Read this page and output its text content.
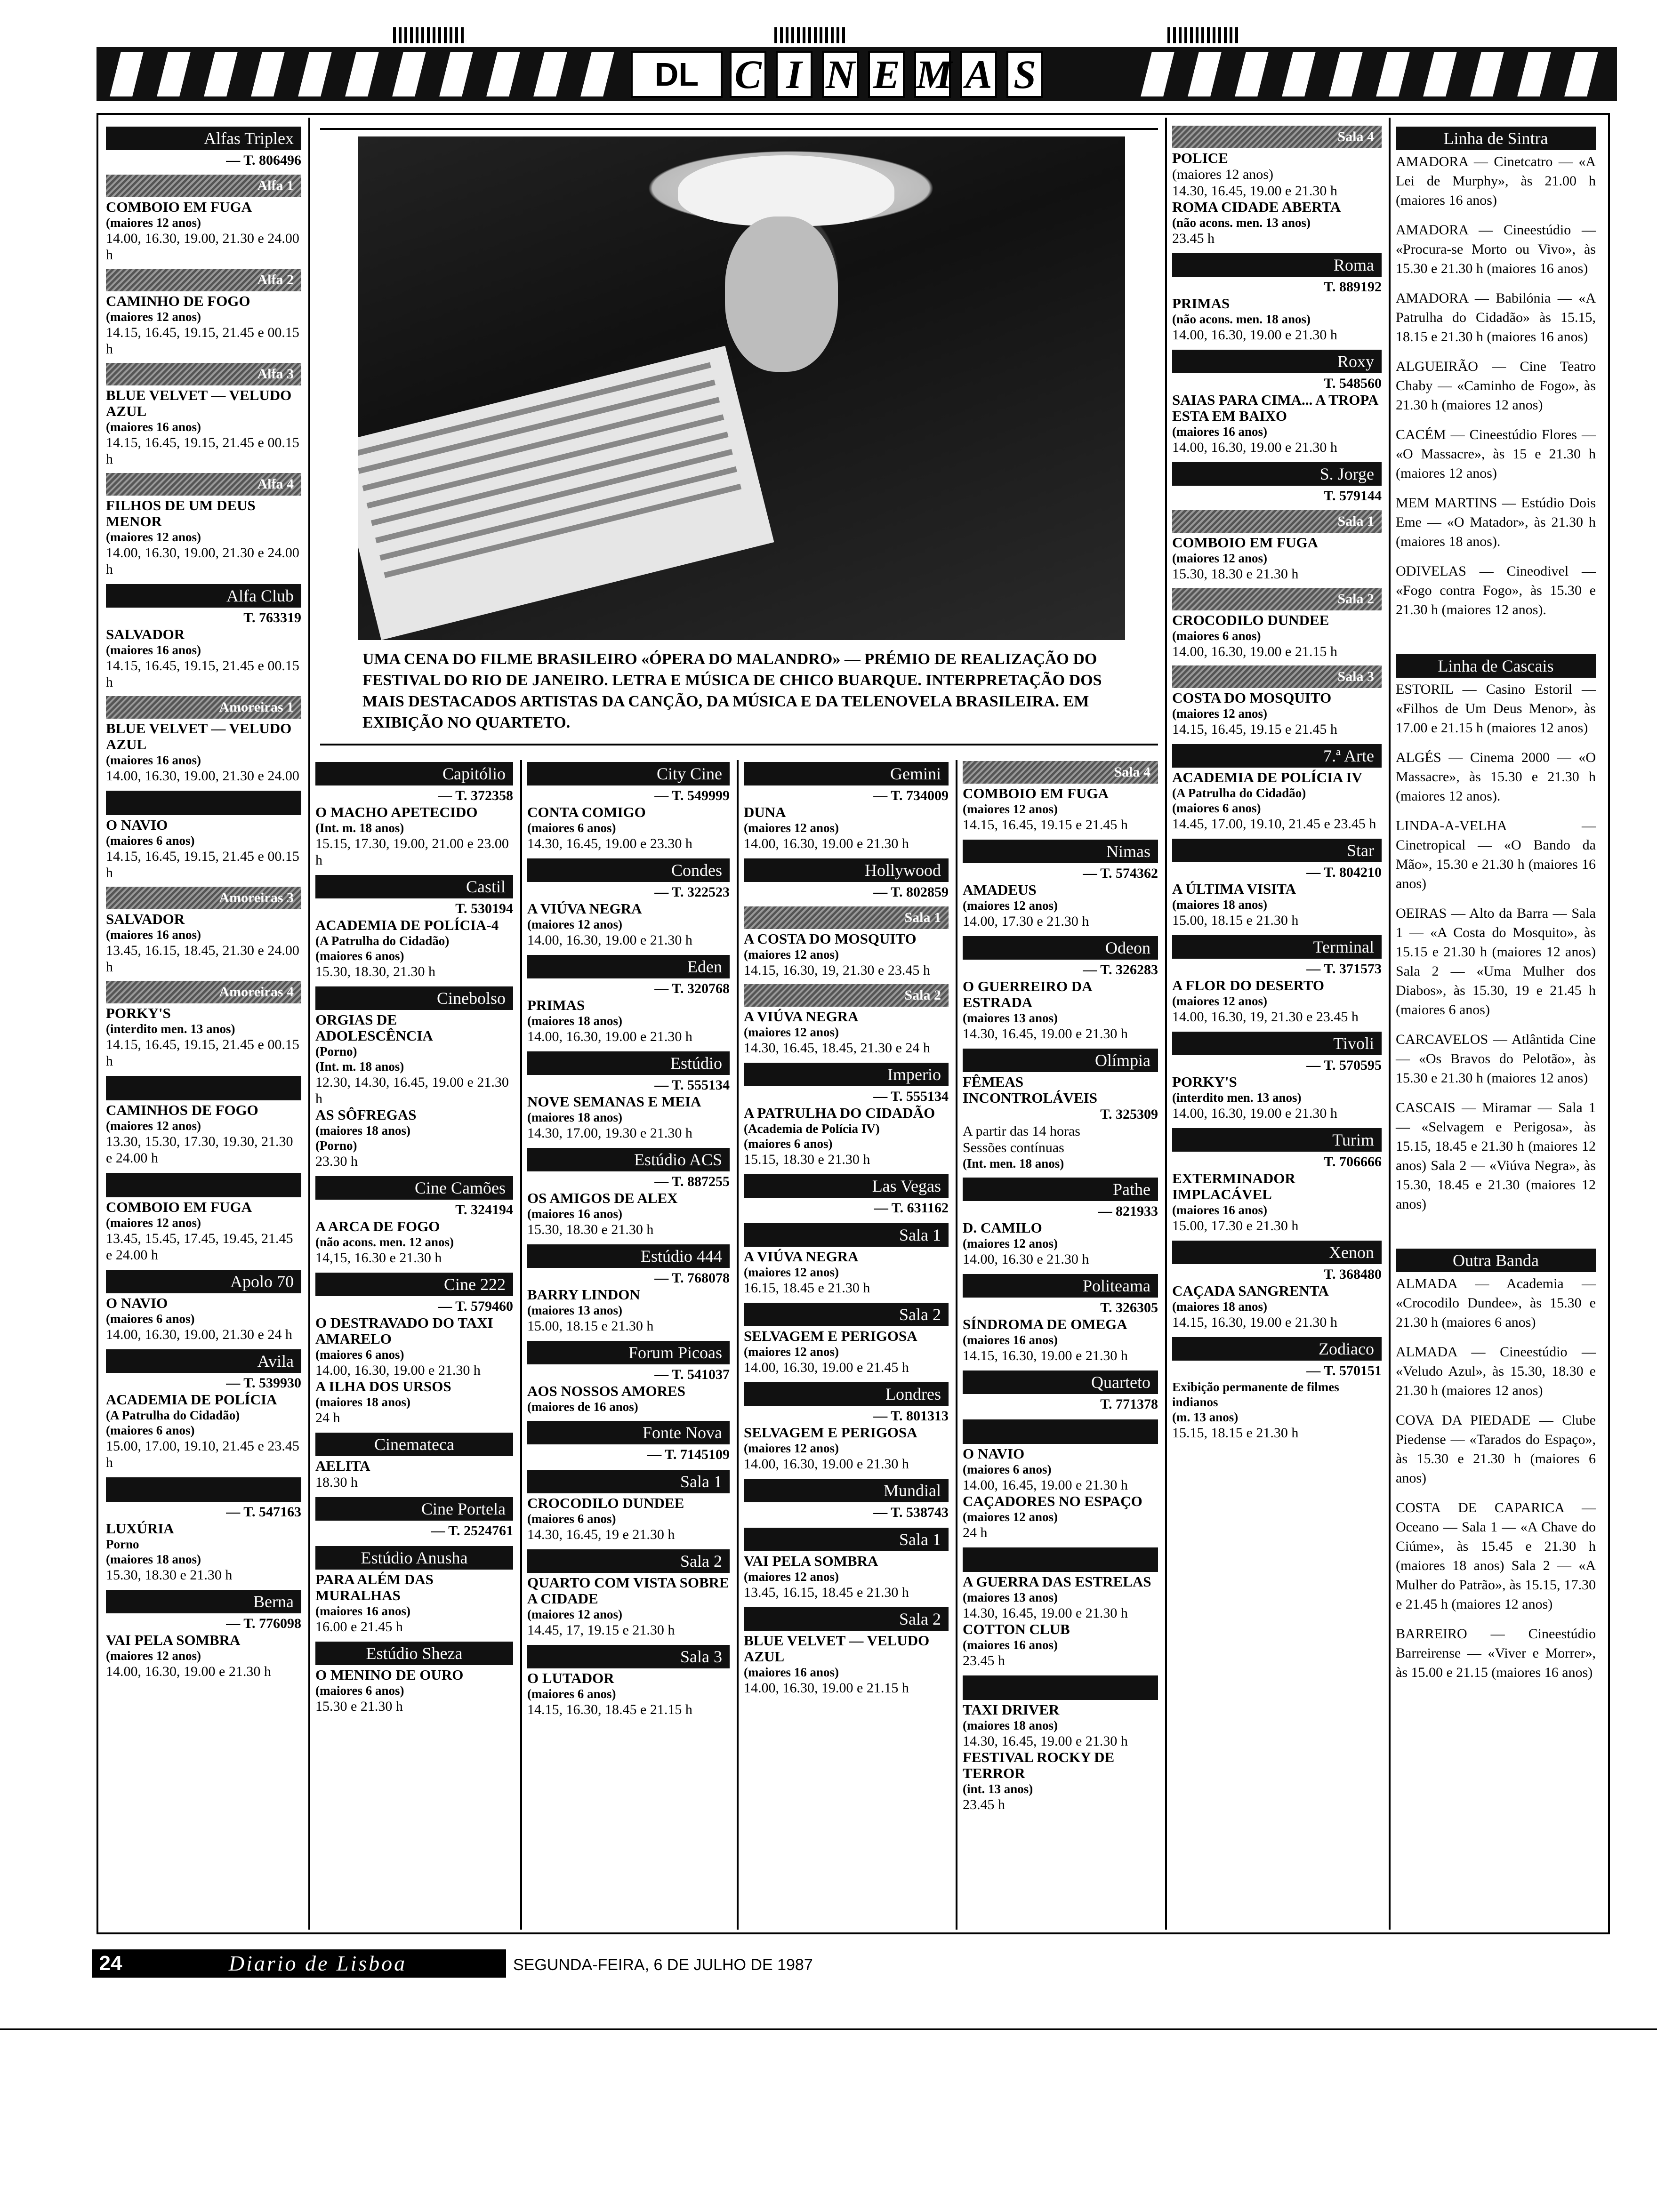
DL C I N E M A S
UMA CENA DO FILME BRASILEIRO «ÓPERA DO MALANDRO» — PRÉMIO DE REALIZAÇÃO DO FESTIVAL DO RIO DE JANEIRO. LETRA E MÚSICA DE CHICO BUARQUE. INTERPRETAÇÃO DOS MAIS DESTACADOS ARTISTAS DA CANÇÃO, DA MÚSICA E DA TELENOVELA BRASILEIRA. EM EXIBIÇÃO NO QUARTETO.
Alfas Triplex
— T. 806496
Alfa 1
COMBOIO EM FUGA
(maiores 12 anos)
14.00, 16.30, 19.00, 21.30 e 24.00 h
Alfa 2
CAMINHO DE FOGO
(maiores 12 anos)
14.15, 16.45, 19.15, 21.45 e 00.15 h
Alfa 3
BLUE VELVET — VELUDO AZUL
(maiores 16 anos)
14.15, 16.45, 19.15, 21.45 e 00.15 h
Alfa 4
FILHOS DE UM DEUS MENOR
(maiores 12 anos)
14.00, 16.30, 19.00, 21.30 e 24.00 h
Alfa Club
T. 763319
SALVADOR
(maiores 16 anos)
14.15, 16.45, 19.15, 21.45 e 00.15 h
Amoreiras 1
BLUE VELVET — VELUDO AZUL
(maiores 16 anos)
14.00, 16.30, 19.00, 21.30 e 24.00
O NAVIO
(maiores 6 anos)
14.15, 16.45, 19.15, 21.45 e 00.15 h
Amoreiras 3
SALVADOR
(maiores 16 anos)
13.45, 16.15, 18.45, 21.30 e 24.00 h
Amoreiras 4
PORKY'S
(interdito men. 13 anos)
14.15, 16.45, 19.15, 21.45 e 00.15 h
CAMINHOS DE FOGO
(maiores 12 anos)
13.30, 15.30, 17.30, 19.30, 21.30 e 24.00 h
COMBOIO EM FUGA
(maiores 12 anos)
13.45, 15.45, 17.45, 19.45, 21.45 e 24.00 h
Apolo 70
O NAVIO
(maiores 6 anos)
14.00, 16.30, 19.00, 21.30 e 24 h
Avila
— T. 539930
ACADEMIA DE POLÍCIA
(A Patrulha do Cidadão)
(maiores 6 anos)
15.00, 17.00, 19.10, 21.45 e 23.45 h
— T. 547163
LUXÚRIA
Porno
(maiores 18 anos)
15.30, 18.30 e 21.30 h
Berna
— T. 776098
VAI PELA SOMBRA
(maiores 12 anos)
14.00, 16.30, 19.00 e 21.30 h
Capitólio
— T. 372358
O MACHO APETECIDO
(Int. m. 18 anos)
15.15, 17.30, 19.00, 21.00 e 23.00 h
Castil
T. 530194
ACADEMIA DE POLÍCIA-4
(A Patrulha do Cidadão)
(maiores 6 anos)
15.30, 18.30, 21.30 h
Cinebolso
ORGIAS DE ADOLESCÊNCIA
(Porno)
(Int. m. 18 anos)
12.30, 14.30, 16.45, 19.00 e 21.30 h
AS SÔFREGAS
(maiores 18 anos)
(Porno)
23.30 h
Cine Camões
T. 324194
A ARCA DE FOGO
(não acons. men. 12 anos)
14,15, 16.30 e 21.30 h
Cine 222
— T. 579460
O DESTRAVADO DO TAXI AMARELO
(maiores 6 anos)
14.00, 16.30, 19.00 e 21.30 h
A ILHA DOS URSOS
(maiores 18 anos)
24 h
Cinemateca
AELITA
18.30 h
Cine Portela
— T. 2524761
Estúdio Anusha
PARA ALÉM DAS MURALHAS
(maiores 16 anos)
16.00 e 21.45 h
Estúdio Sheza
O MENINO DE OURO
(maiores 6 anos)
15.30 e 21.30 h
City Cine
— T. 549999
CONTA COMIGO
(maiores 6 anos)
14.30, 16.45, 19.00 e 23.30 h
Condes
— T. 322523
A VIÚVA NEGRA
(maiores 12 anos)
14.00, 16.30, 19.00 e 21.30 h
Eden
— T. 320768
PRIMAS
(maiores 18 anos)
14.00, 16.30, 19.00 e 21.30 h
Estúdio
— T. 555134
NOVE SEMANAS E MEIA
(maiores 18 anos)
14.30, 17.00, 19.30 e 21.30 h
Estúdio ACS
— T. 887255
OS AMIGOS DE ALEX
(maiores 16 anos)
15.30, 18.30 e 21.30 h
Estúdio 444
— T. 768078
BARRY LINDON
(maiores 13 anos)
15.00, 18.15 e 21.30 h
Forum Picoas
— T. 541037
AOS NOSSOS AMORES
(maiores de 16 anos)
Fonte Nova
— T. 7145109
Sala 1
CROCODILO DUNDEE
(maiores 6 anos)
14.30, 16.45, 19 e 21.30 h
Sala 2
QUARTO COM VISTA SOBRE A CIDADE
(maiores 12 anos)
14.45, 17, 19.15 e 21.30 h
Sala 3
O LUTADOR
(maiores 6 anos)
14.15, 16.30, 18.45 e 21.15 h
Gemini
— T. 734009
DUNA
(maiores 12 anos)
14.00, 16.30, 19.00 e 21.30 h
Hollywood
— T. 802859
Sala 1
A COSTA DO MOSQUITO
(maiores 12 anos)
14.15, 16.30, 19, 21.30 e 23.45 h
Sala 2
A VIÚVA NEGRA
(maiores 12 anos)
14.30, 16.45, 18.45, 21.30 e 24 h
Imperio
— T. 555134
A PATRULHA DO CIDADÃO
(Academia de Polícia IV)
(maiores 6 anos)
15.15, 18.30 e 21.30 h
Las Vegas
— T. 631162
Sala 1
A VIÚVA NEGRA
(maiores 12 anos)
16.15, 18.45 e 21.30 h
Sala 2
SELVAGEM E PERIGOSA
(maiores 12 anos)
14.00, 16.30, 19.00 e 21.45 h
Londres
— T. 801313
SELVAGEM E PERIGOSA
(maiores 12 anos)
14.00, 16.30, 19.00 e 21.30 h
Mundial
— T. 538743
Sala 1
VAI PELA SOMBRA
(maiores 12 anos)
13.45, 16.15, 18.45 e 21.30 h
Sala 2
BLUE VELVET — VELUDO AZUL
(maiores 16 anos)
14.00, 16.30, 19.00 e 21.15 h
Sala 4
COMBOIO EM FUGA
(maiores 12 anos)
14.15, 16.45, 19.15 e 21.45 h
Nimas
— T. 574362
AMADEUS
(maiores 12 anos)
14.00, 17.30 e 21.30 h
Odeon
— T. 326283
O GUERREIRO DA ESTRADA
(maiores 13 anos)
14.30, 16.45, 19.00 e 21.30 h
Olímpia
FÊMEAS INCONTROLÁVEIS
T. 325309
A partir das 14 horas
Sessões contínuas
(Int. men. 18 anos)
Pathe
— 821933
D. CAMILO
(maiores 12 anos)
14.00, 16.30 e 21.30 h
Politeama
T. 326305
SÍNDROMA DE OMEGA
(maiores 16 anos)
14.15, 16.30, 19.00 e 21.30 h
Quarteto
T. 771378
O NAVIO
(maiores 6 anos)
14.00, 16.45, 19.00 e 21.30 h
CAÇADORES NO ESPAÇO
(maiores 12 anos)
24 h
A GUERRA DAS ESTRELAS
(maiores 13 anos)
14.30, 16.45, 19.00 e 21.30 h
COTTON CLUB
(maiores 16 anos)
23.45 h
TAXI DRIVER
(maiores 18 anos)
14.30, 16.45, 19.00 e 21.30 h
FESTIVAL ROCKY DE TERROR
(int. 13 anos)
23.45 h
Sala 4
POLICE
(maiores 12 anos)
14.30, 16.45, 19.00 e 21.30 h
ROMA CIDADE ABERTA
(não acons. men. 13 anos)
23.45 h
Roma
T. 889192
PRIMAS
(não acons. men. 18 anos)
14.00, 16.30, 19.00 e 21.30 h
Roxy
T. 548560
SAIAS PARA CIMA... A TROPA ESTA EM BAIXO
(maiores 16 anos)
14.00, 16.30, 19.00 e 21.30 h
S. Jorge
T. 579144
Sala 1
COMBOIO EM FUGA
(maiores 12 anos)
15.30, 18.30 e 21.30 h
Sala 2
CROCODILO DUNDEE
(maiores 6 anos)
14.00, 16.30, 19.00 e 21.15 h
Sala 3
COSTA DO MOSQUITO
(maiores 12 anos)
14.15, 16.45, 19.15 e 21.45 h
7.ª Arte
ACADEMIA DE POLÍCIA IV
(A Patrulha do Cidadão)
(maiores 6 anos)
14.45, 17.00, 19.10, 21.45 e 23.45 h
Star
— T. 804210
A ÚLTIMA VISITA
(maiores 18 anos)
15.00, 18.15 e 21.30 h
Terminal
— T. 371573
A FLOR DO DESERTO
(maiores 12 anos)
14.00, 16.30, 19, 21.30 e 23.45 h
Tivoli
— T. 570595
PORKY'S
(interdito men. 13 anos)
14.00, 16.30, 19.00 e 21.30 h
Turim
T. 706666
EXTERMINADOR IMPLACÁVEL
(maiores 16 anos)
15.00, 17.30 e 21.30 h
Xenon
T. 368480
CAÇADA SANGRENTA
(maiores 18 anos)
14.15, 16.30, 19.00 e 21.30 h
Zodiaco
— T. 570151
Exibição permanente de filmes indianos
(m. 13 anos)
15.15, 18.15 e 21.30 h
Linha de Sintra

AMADORA — Cinetcatro — «A Lei de Murphy», às 21.00 h (maiores 16 anos)

AMADORA — Cineestúdio — «Procura-se Morto ou Vivo», às 15.30 e 21.30 h (maiores 16 anos)

AMADORA — Babilónia — «A Patrulha do Cidadão» às 15.15, 18.15 e 21.30 h (maiores 16 anos)

ALGUEIRÃO — Cine Teatro Chaby — «Caminho de Fogo», às 21.30 h (maiores 12 anos)

CACÉM — Cineestúdio Flores — «O Massacre», às 15 e 21.30 h (maiores 12 anos)

MEM MARTINS — Estúdio Dois Eme — «O Matador», às 21.30 h (maiores 18 anos).

ODIVELAS — Cineodivel — «Fogo contra Fogo», às 15.30 e 21.30 h (maiores 12 anos).

Linha de Cascais

ESTORIL — Casino Estoril — «Filhos de Um Deus Menor», às 17.00 e 21.15 h (maiores 12 anos)

ALGÉS — Cinema 2000 — «O Massacre», às 15.30 e 21.30 h (maiores 12 anos).

LINDA-A-VELHA — Cinetropical — «O Bando da Mão», 15.30 e 21.30 h (maiores 16 anos)

OEIRAS — Alto da Barra — Sala 1 — «A Costa do Mosquito», às 15.15 e 21.30 h (maiores 12 anos) Sala 2 — «Uma Mulher dos Diabos», às 15.30, 19 e 21.45 h (maiores 6 anos)

CARCAVELOS — Atlântida Cine — «Os Bravos do Pelotão», às 15.30 e 21.30 h (maiores 12 anos)

CASCAIS — Miramar — Sala 1 — «Selvagem e Perigosa», às 15.15, 18.45 e 21.30 h (maiores 12 anos) Sala 2 — «Viúva Negra», às 15.30, 18.45 e 21.30 (maiores 12 anos)

Outra Banda

ALMADA — Academia — «Crocodilo Dundee», às 15.30 e 21.30 h (maiores 6 anos)

ALMADA — Cineestúdio — «Veludo Azul», às 15.30, 18.30 e 21.30 h (maiores 12 anos)

COVA DA PIEDADE — Clube Piedense — «Tarados do Espaço», às 15.30 e 21.30 h (maiores 6 anos)

COSTA DE CAPARICA — Oceano — Sala 1 — «A Chave do Ciúme», às 15.45 e 21.30 h (maiores 18 anos) Sala 2 — «A Mulher do Patrão», às 15.15, 17.30 e 21.45 h (maiores 12 anos)

BARREIRO — Cineestúdio Barreirense — «Viver e Morrer», às 15.00 e 21.15 (maiores 16 anos)

24	Diario de Lisboa	SEGUNDA-FEIRA, 6 DE JULHO DE 1987
